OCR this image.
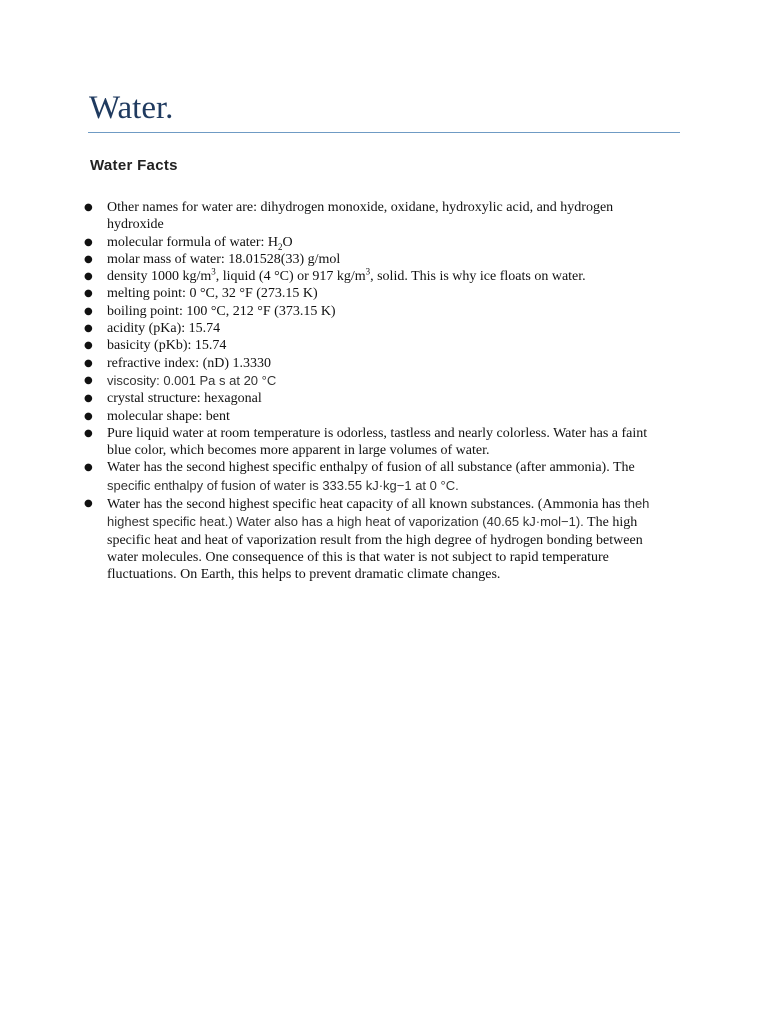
Water.
Water Facts
● Other names for water are: dihydrogen monoxide, oxidane, hydroxylic acid, and hydrogen hydroxide
● molecular formula of water: $H_2O$
● molar mass of water: 18.01528(33) g/mol
● density 1000 $kg/m^3$, liquid (4 °C) or 917 $kg/m^3$, solid. This is why ice floats on water.
● melting point: 0 °C, 32 °F (273.15 K)
● boiling point: 100 °C, 212 °F (373.15 K)
● acidity (pKa): 15.74
● basicity (pKb): 15.74
● refractive index: (nD) 1.3330
● viscosity: 0.001 Pa s at 20 °C
● crystal structure: hexagonal
● molecular shape: bent
● Pure liquid water at room temperature is odorless, tastless and nearly colorless. Water has a faint blue color, which becomes more apparent in large volumes of water.
● Water has the second highest specific enthalpy of fusion of all substance (after ammonia). The specific enthalpy of fusion of water is 333.55 kJ·kg−1 at 0 °C.
● Water has the second highest specific heat capacity of all known substances. (Ammonia has theh highest specific heat.) Water also has a high heat of vaporization (40.65 kJ·mol−1). The high specific heat and heat of vaporization result from the high degree of hydrogen bonding between water molecules. One consequence of this is that water is not subject to rapid temperature fluctuations. On Earth, this helps to prevent dramatic climate changes.
